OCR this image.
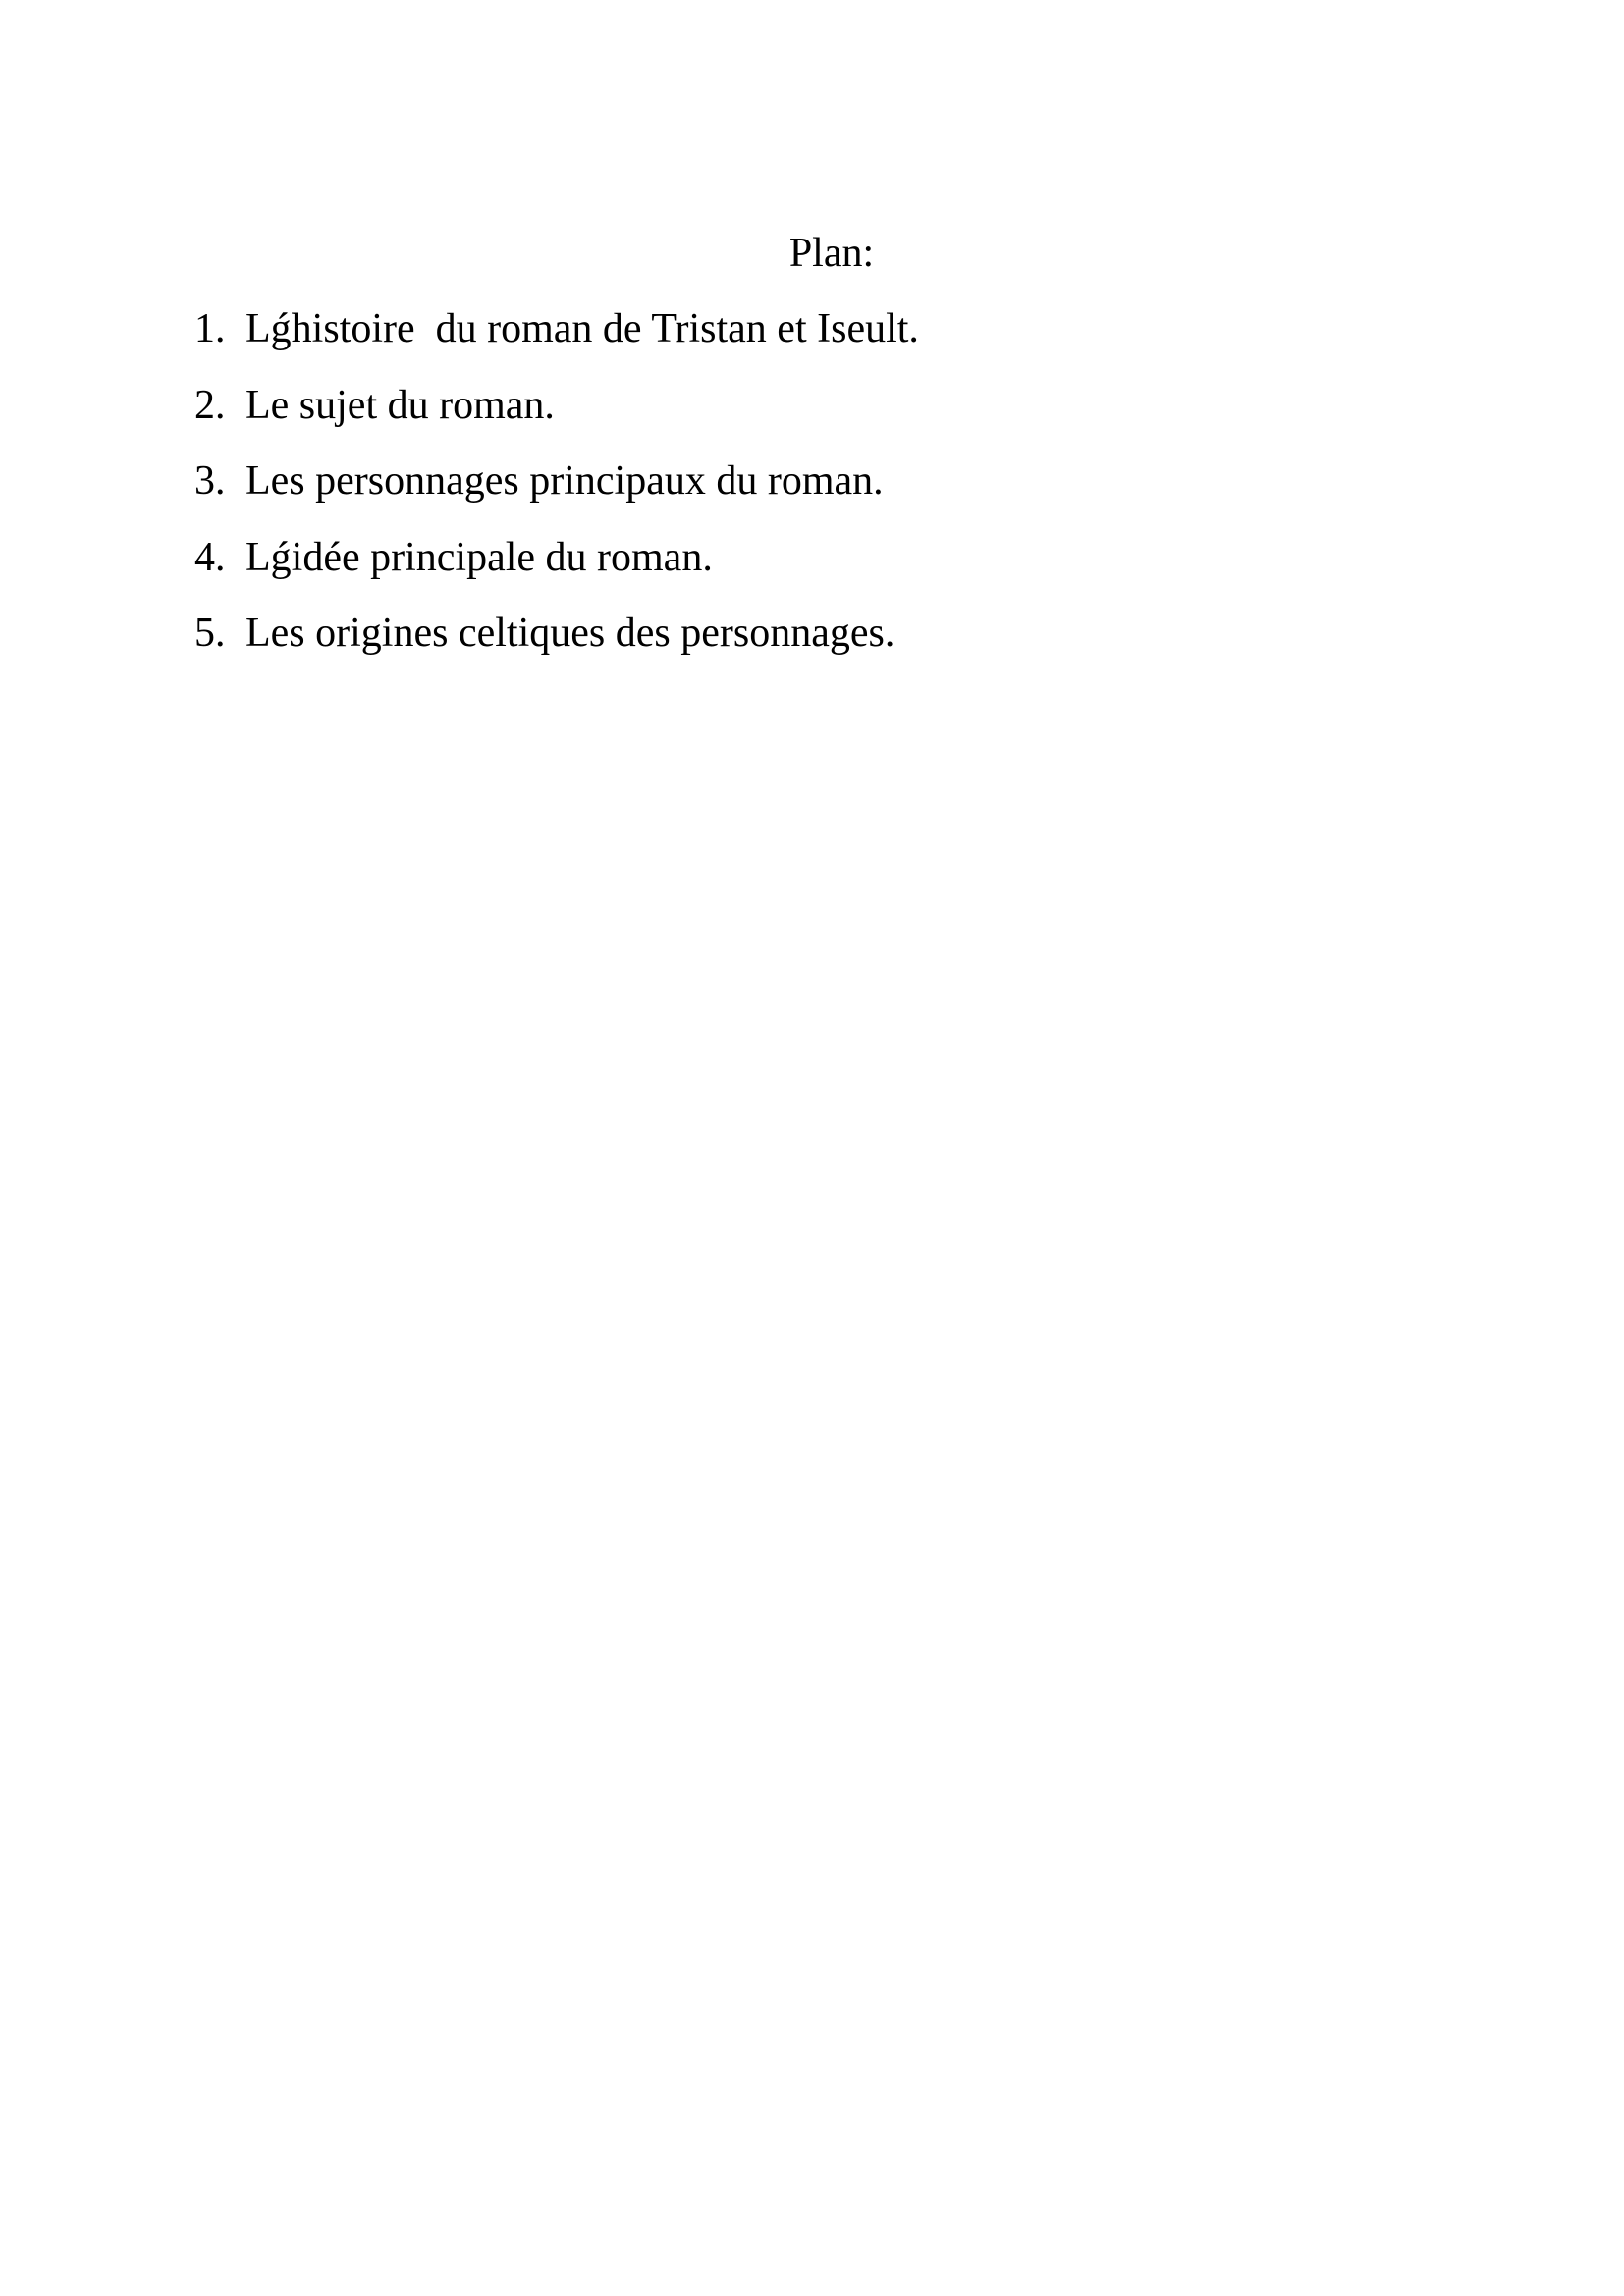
Plan:
1. Lǵhistoire  du roman de Tristan et Iseult.
2. Le sujet du roman.
3. Les personnages principaux du roman.
4. Lǵidée principale du roman.
5. Les origines celtiques des personnages.
